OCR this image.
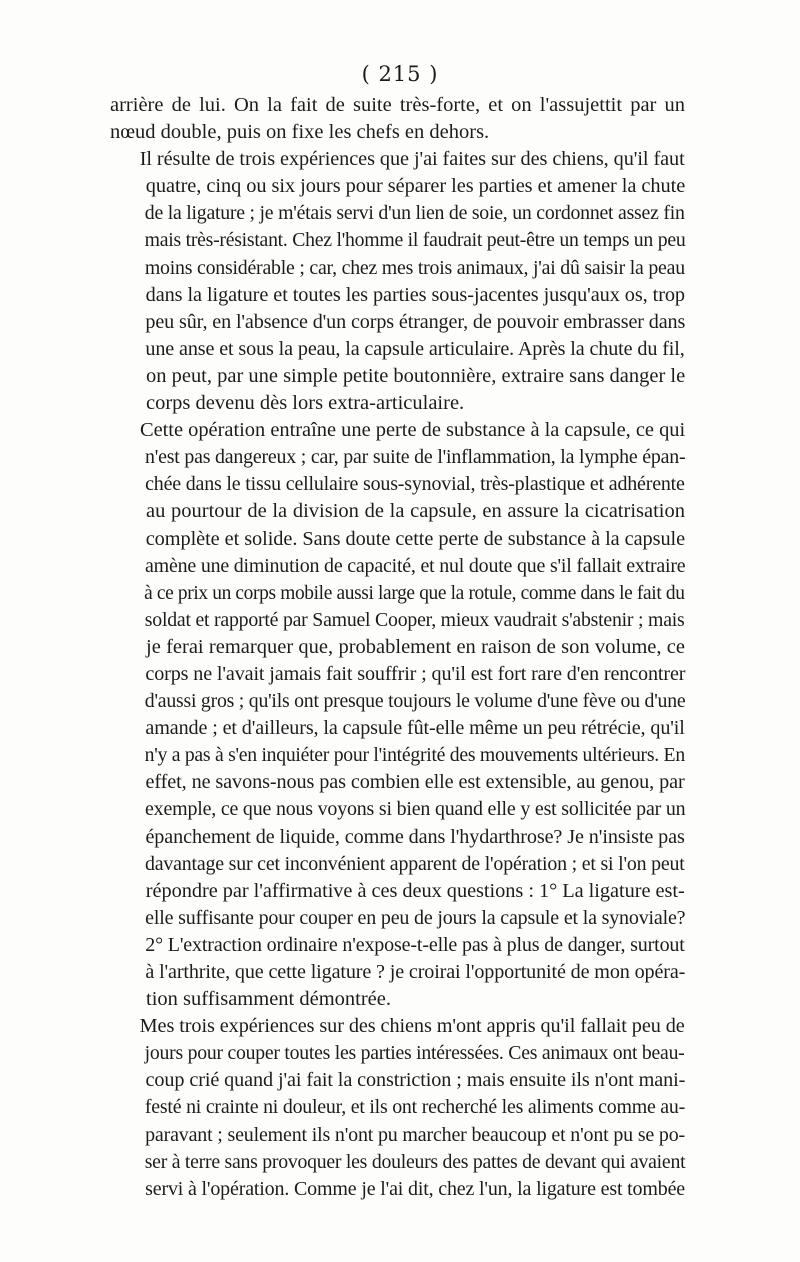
( 215 )

arrière de lui. On la fait de suite très-forte, et on l'assujettit par un
nœud double, puis on fixe les chefs en dehors.

Il résulte de trois expériences que j'ai faites sur des chiens, qu'il faut
quatre, cinq ou six jours pour séparer les parties et amener la chute
de la ligature ; je m'étais servi d'un lien de soie, un cordonnet assez fin
mais très-résistant. Chez l'homme il faudrait peut-être un temps un peu
moins considérable ; car, chez mes trois animaux, j'ai dû saisir la peau
dans la ligature et toutes les parties sous-jacentes jusqu'aux os, trop
peu sûr, en l'absence d'un corps étranger, de pouvoir embrasser dans
une anse et sous la peau, la capsule articulaire. Après la chute du fil,
on peut, par une simple petite boutonnière, extraire sans danger le
corps devenu dès lors extra-articulaire.

Cette opération entraîne une perte de substance à la capsule, ce qui
n'est pas dangereux ; car, par suite de l'inflammation, la lymphe épan-
chée dans le tissu cellulaire sous-synovial, très-plastique et adhérente
au pourtour de la division de la capsule, en assure la cicatrisation
complète et solide. Sans doute cette perte de substance à la capsule
amène une diminution de capacité, et nul doute que s'il fallait extraire
à ce prix un corps mobile aussi large que la rotule, comme dans le fait du
soldat et rapporté par Samuel Cooper, mieux vaudrait s'abstenir ; mais
je ferai remarquer que, probablement en raison de son volume, ce
corps ne l'avait jamais fait souffrir ; qu'il est fort rare d'en rencontrer
d'aussi gros ; qu'ils ont presque toujours le volume d'une fève ou d'une
amande ; et d'ailleurs, la capsule fût-elle même un peu rétrécie, qu'il
n'y a pas à s'en inquiéter pour l'intégrité des mouvements ultérieurs. En
effet, ne savons-nous pas combien elle est extensible, au genou, par
exemple, ce que nous voyons si bien quand elle y est sollicitée par un
épanchement de liquide, comme dans l'hydarthrose? Je n'insiste pas
davantage sur cet inconvénient apparent de l'opération ; et si l'on peut
répondre par l'affirmative à ces deux questions : 1° La ligature est-
elle suffisante pour couper en peu de jours la capsule et la synoviale?
2° L'extraction ordinaire n'expose-t-elle pas à plus de danger, surtout
à l'arthrite, que cette ligature ? je croirai l'opportunité de mon opéra-
tion suffisamment démontrée.

Mes trois expériences sur des chiens m'ont appris qu'il fallait peu de
jours pour couper toutes les parties intéressées. Ces animaux ont beau-
coup crié quand j'ai fait la constriction ; mais ensuite ils n'ont mani-
festé ni crainte ni douleur, et ils ont recherché les aliments comme au-
paravant ; seulement ils n'ont pu marcher beaucoup et n'ont pu se po-
ser à terre sans provoquer les douleurs des pattes de devant qui avaient
servi à l'opération. Comme je l'ai dit, chez l'un, la ligature est tombée
